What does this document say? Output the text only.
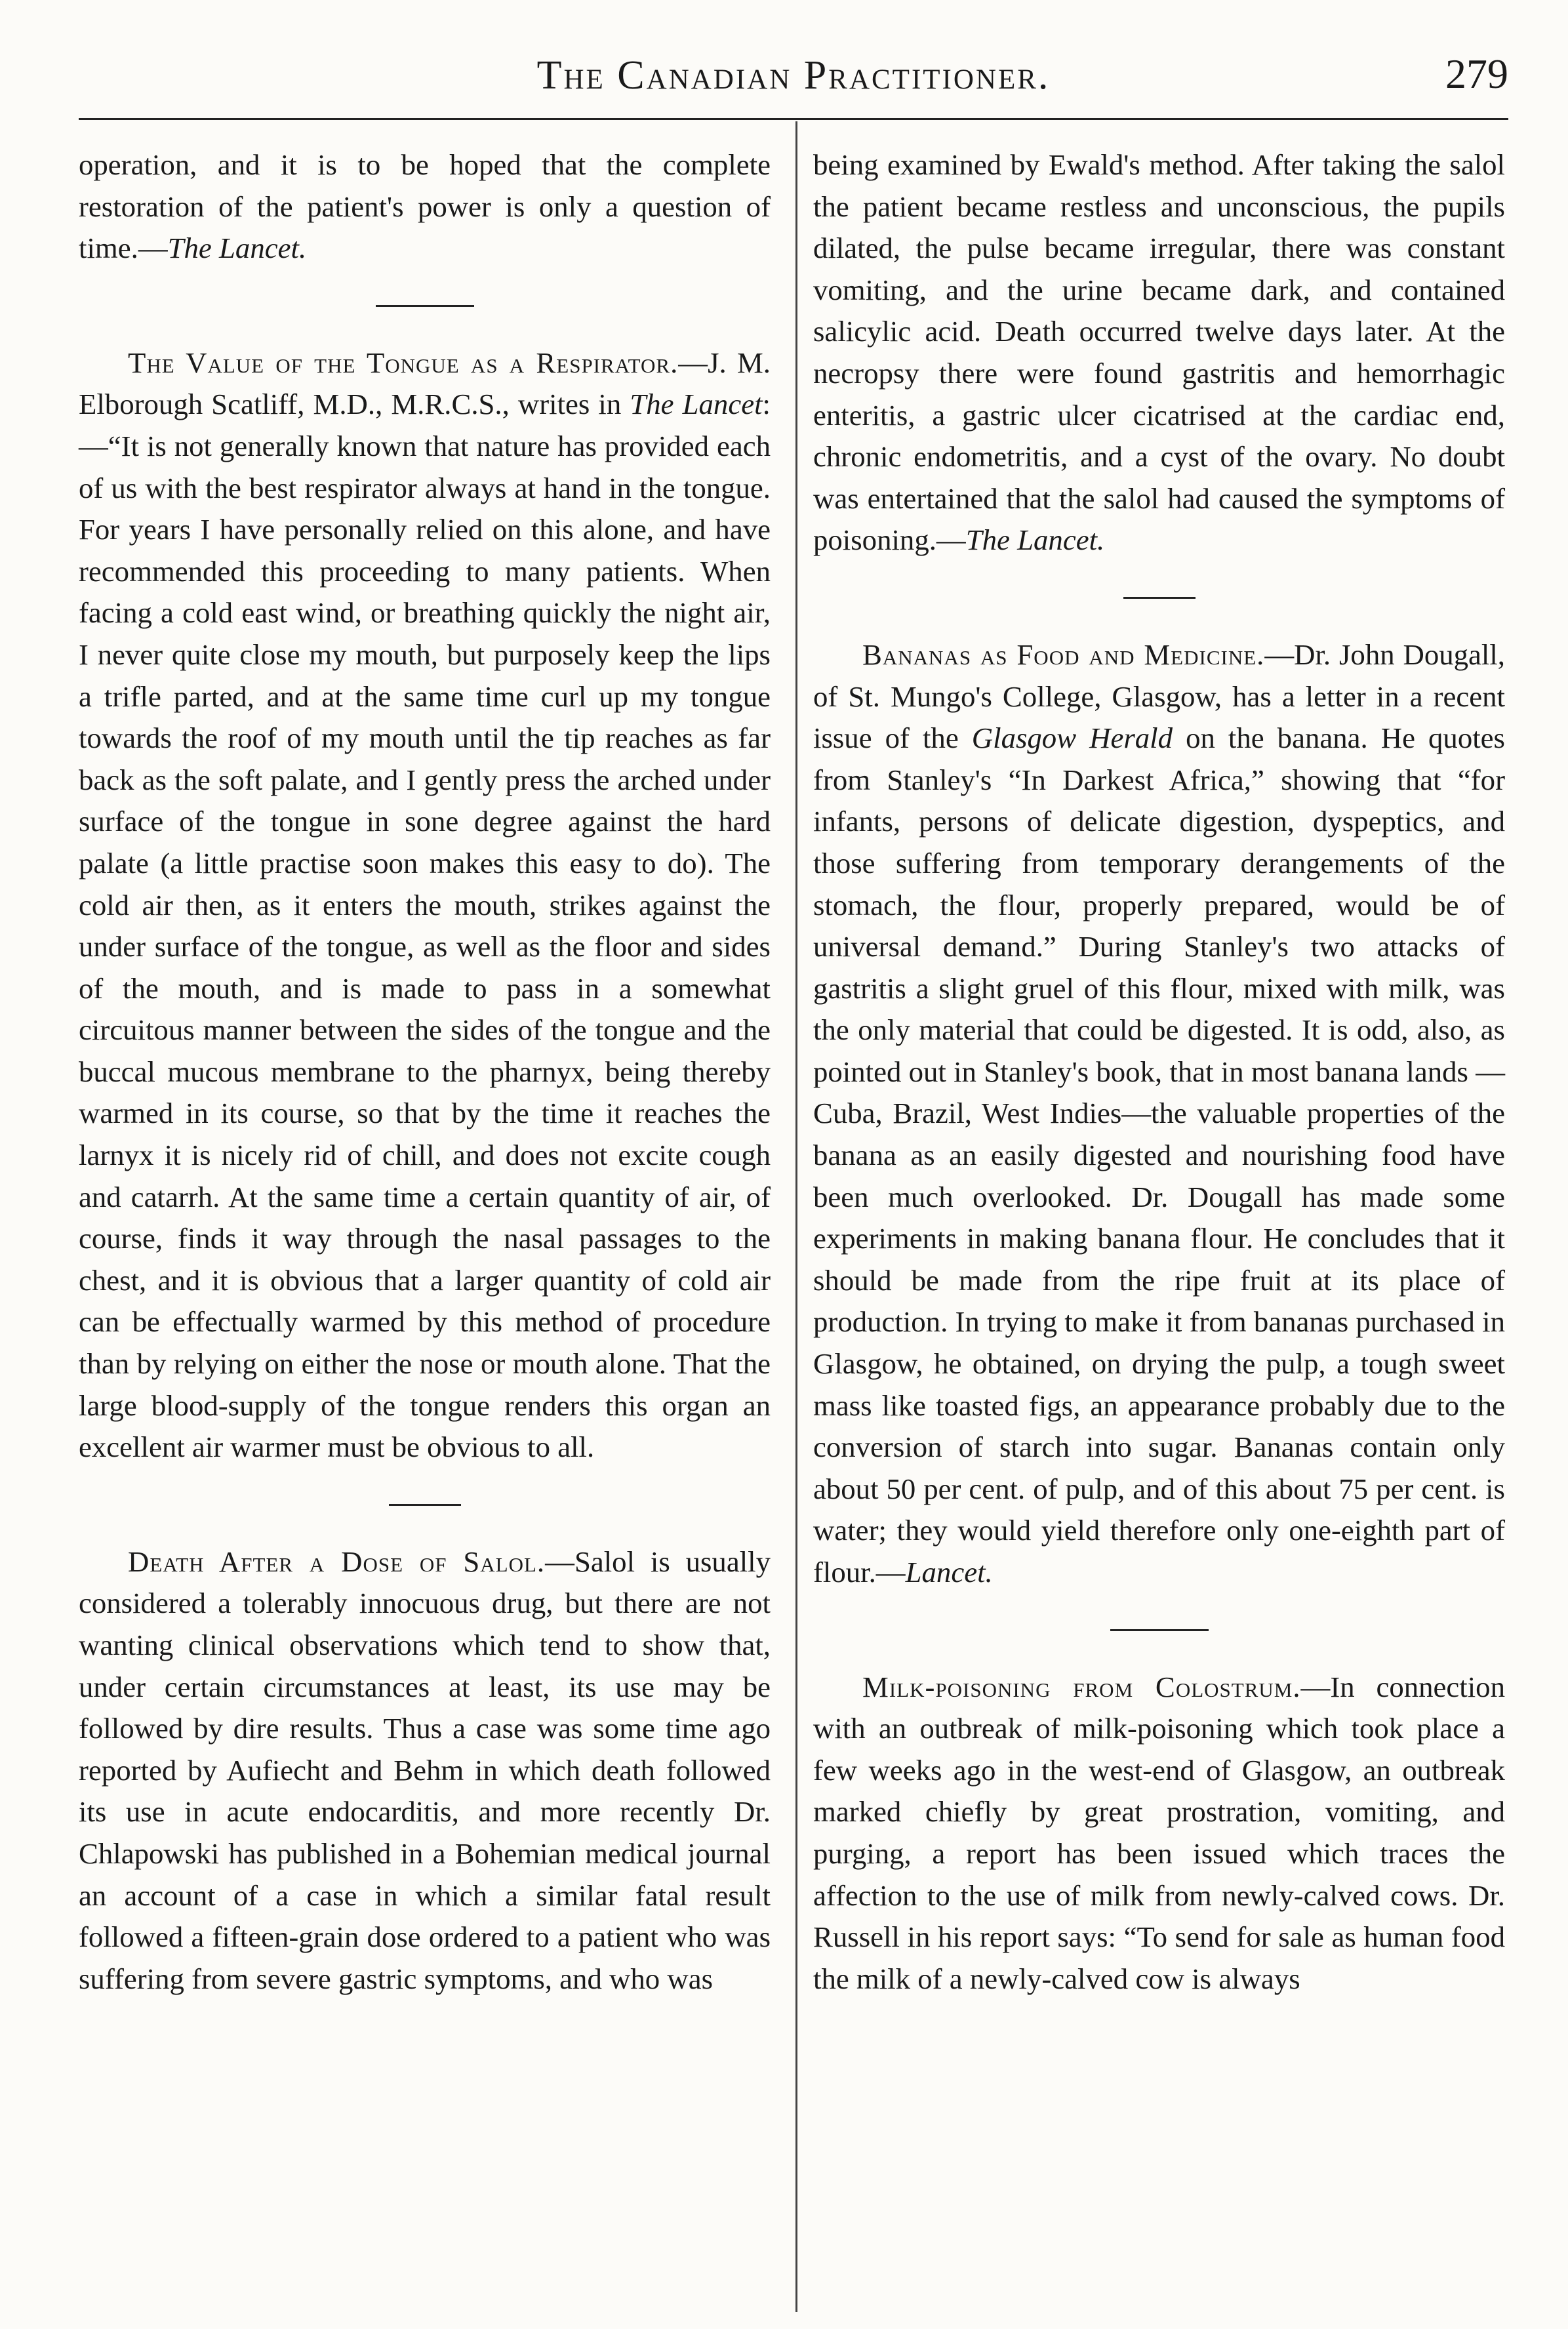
The Canadian Practitioner.	279

operation, and it is to be hoped that the complete restoration of the patient's power is only a question of time.—The Lancet.

The Value of the Tongue as a Respirator.—J. M. Elborough Scatliff, M.D., M.R.C.S., writes in The Lancet:—“It is not generally known that nature has provided each of us with the best respirator always at hand in the tongue. For years I have personally relied on this alone, and have recommended this proceeding to many patients. When facing a cold east wind, or breathing quickly the night air, I never quite close my mouth, but purposely keep the lips a trifle parted, and at the same time curl up my tongue towards the roof of my mouth until the tip reaches as far back as the soft palate, and I gently press the arched under surface of the tongue in sone degree against the hard palate (a little practise soon makes this easy to do). The cold air then, as it enters the mouth, strikes against the under surface of the tongue, as well as the floor and sides of the mouth, and is made to pass in a somewhat circuitous manner between the sides of the tongue and the buccal mucous membrane to the pharnyx, being thereby warmed in its course, so that by the time it reaches the larnyx it is nicely rid of chill, and does not excite cough and catarrh. At the same time a certain quantity of air, of course, finds it way through the nasal passages to the chest, and it is obvious that a larger quantity of cold air can be effectually warmed by this method of procedure than by relying on either the nose or mouth alone. That the large blood-supply of the tongue renders this organ an excellent air warmer must be obvious to all.

Death After a Dose of Salol.—Salol is usually considered a tolerably innocuous drug, but there are not wanting clinical observations which tend to show that, under certain circumstances at least, its use may be followed by dire results. Thus a case was some time ago reported by Aufiecht and Behm in which death followed its use in acute endocarditis, and more recently Dr. Chlapowski has published in a Bohemian medical journal an account of a case in which a similar fatal result followed a fifteen-grain dose ordered to a patient who was suffering from severe gastric symptoms, and who was

being examined by Ewald's method. After taking the salol the patient became restless and unconscious, the pupils dilated, the pulse became irregular, there was constant vomiting, and the urine became dark, and contained salicylic acid. Death occurred twelve days later. At the necropsy there were found gastritis and hemorrhagic enteritis, a gastric ulcer cicatrised at the cardiac end, chronic endometritis, and a cyst of the ovary. No doubt was entertained that the salol had caused the symptoms of poisoning.—The Lancet.

Bananas as Food and Medicine.—Dr. John Dougall, of St. Mungo's College, Glasgow, has a letter in a recent issue of the Glasgow Herald on the banana. He quotes from Stanley's “In Darkest Africa,” showing that “for infants, persons of delicate digestion, dyspeptics, and those suffering from temporary derangements of the stomach, the flour, properly prepared, would be of universal demand.” During Stanley's two attacks of gastritis a slight gruel of this flour, mixed with milk, was the only material that could be digested. It is odd, also, as pointed out in Stanley's book, that in most banana lands —Cuba, Brazil, West Indies—the valuable properties of the banana as an easily digested and nourishing food have been much overlooked. Dr. Dougall has made some experiments in making banana flour. He concludes that it should be made from the ripe fruit at its place of production. In trying to make it from bananas purchased in Glasgow, he obtained, on drying the pulp, a tough sweet mass like toasted figs, an appearance probably due to the conversion of starch into sugar. Bananas contain only about 50 per cent. of pulp, and of this about 75 per cent. is water; they would yield therefore only one-eighth part of flour.—Lancet.

Milk-poisoning from Colostrum.—In connection with an outbreak of milk-poisoning which took place a few weeks ago in the west-end of Glasgow, an outbreak marked chiefly by great prostration, vomiting, and purging, a report has been issued which traces the affection to the use of milk from newly-calved cows. Dr. Russell in his report says: “To send for sale as human food the milk of a newly-calved cow is always
